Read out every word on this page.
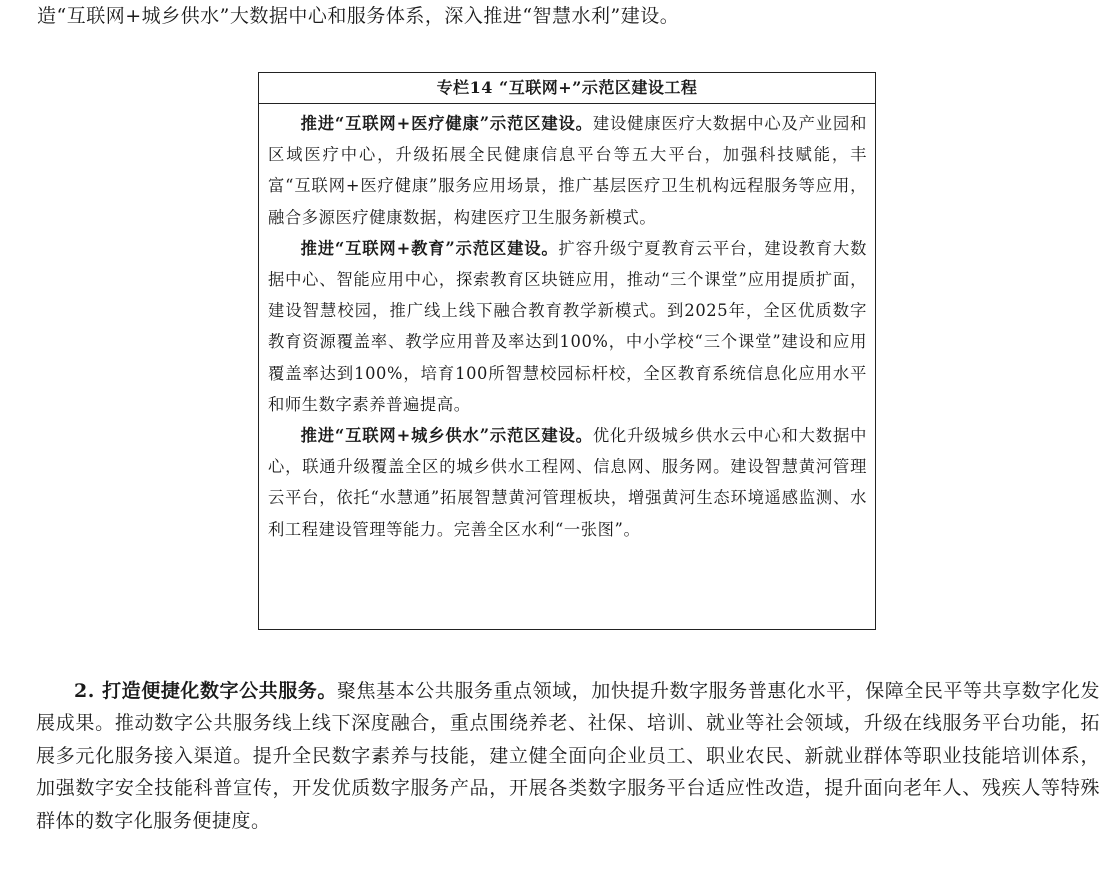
造“互联网+城乡供水”大数据中心和服务体系，深入推进“智慧水利”建设。
专栏14 “互联网+”示范区建设工程

推进“互联网+医疗健康”示范区建设。建设健康医疗大数据中心及产业园和区域医疗中心，升级拓展全民健康信息平台等五大平台，加强科技赋能，丰富“互联网+医疗健康”服务应用场景，推广基层医疗卫生机构远程服务等应用，融合多源医疗健康数据，构建医疗卫生服务新模式。

推进“互联网+教育”示范区建设。扩容升级宁夏教育云平台，建设教育大数据中心、智能应用中心，探索教育区块链应用，推动“三个课堂”应用提质扩面，建设智慧校园，推广线上线下融合教育教学新模式。到2025年，全区优质数字教育资源覆盖率、教学应用普及率达到100%，中小学校“三个课堂”建设和应用覆盖率达到100%，培育100所智慧校园标杆校，全区教育系统信息化应用水平和师生数字素养普遍提高。

推进“互联网+城乡供水”示范区建设。优化升级城乡供水云中心和大数据中心，联通升级覆盖全区的城乡供水工程网、信息网、服务网。建设智慧黄河管理云平台，依托“水慧通”拓展智慧黄河管理板块，增强黄河生态环境遥感监测、水利工程建设管理等能力。完善全区水利“一张图”。

2. 打造便捷化数字公共服务。聚焦基本公共服务重点领域，加快提升数字服务普惠化水平，保障全民平等共享数字化发展成果。推动数字公共服务线上线下深度融合，重点围绕养老、社保、培训、就业等社会领域，升级在线服务平台功能，拓展多元化服务接入渠道。提升全民数字素养与技能，建立健全面向企业员工、职业农民、新就业群体等职业技能培训体系，加强数字安全技能科普宣传，开发优质数字服务产品，开展各类数字服务平台适应性改造，提升面向老年人、残疾人等特殊群体的数字化服务便捷度。
